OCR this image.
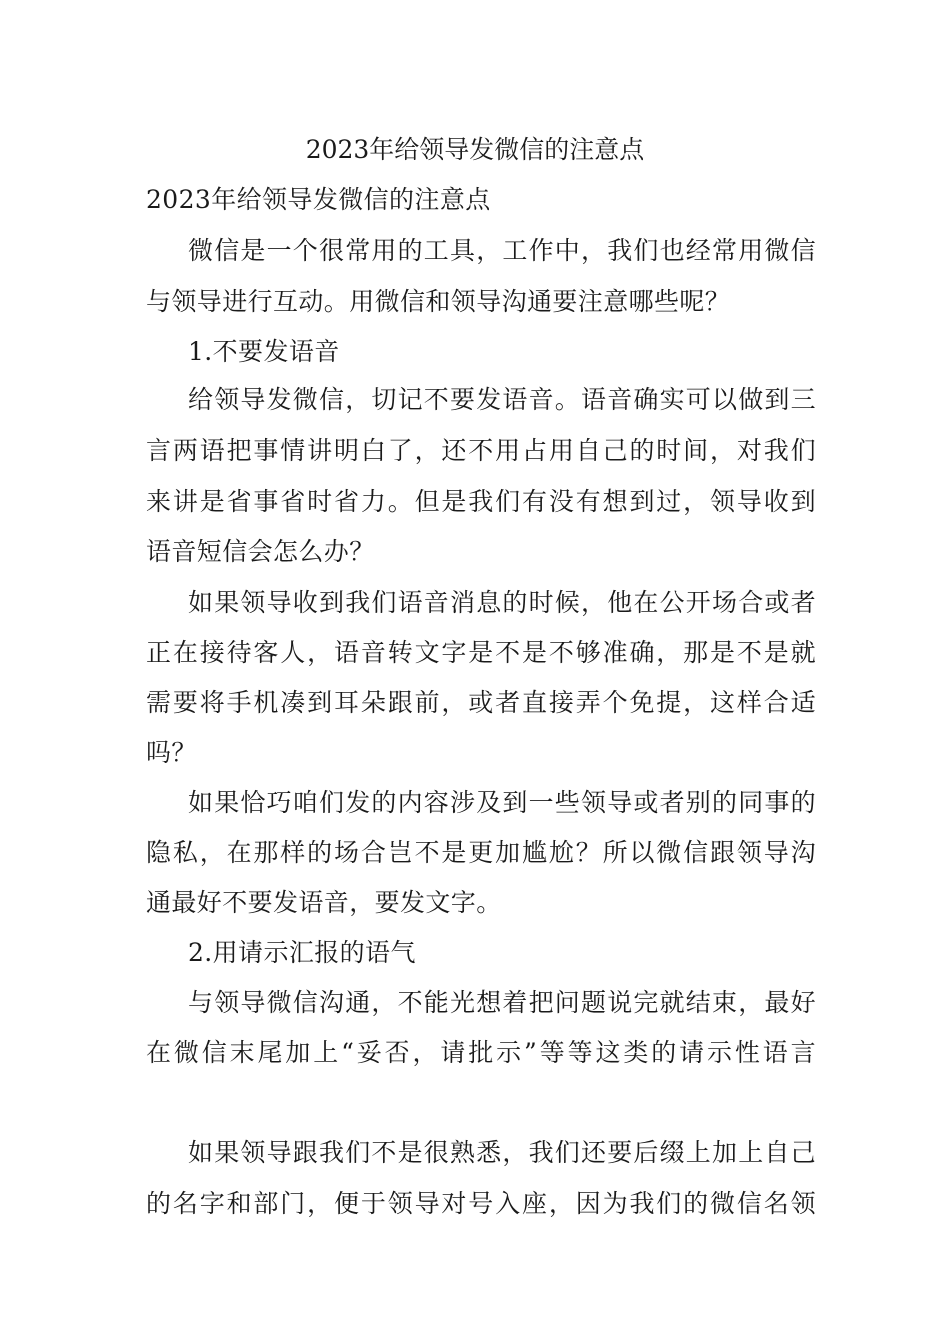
2023年给领导发微信的注意点
2023年给领导发微信的注意点
微信是一个很常用的工具，工作中，我们也经常用微信
与领导进行互动。用微信和领导沟通要注意哪些呢？
1.不要发语音
给领导发微信，切记不要发语音。语音确实可以做到三
言两语把事情讲明白了，还不用占用自己的时间，对我们
来讲是省事省时省力。但是我们有没有想到过，领导收到
语音短信会怎么办？
如果领导收到我们语音消息的时候，他在公开场合或者
正在接待客人，语音转文字是不是不够准确，那是不是就
需要将手机凑到耳朵跟前，或者直接弄个免提，这样合适
吗？
如果恰巧咱们发的内容涉及到一些领导或者别的同事的
隐私，在那样的场合岂不是更加尴尬？所以微信跟领导沟
通最好不要发语音，要发文字。
2.用请示汇报的语气
与领导微信沟通，不能光想着把问题说完就结束，最好
在微信末尾加上“妥否，请批示”等等这类的请示性语言
如果领导跟我们不是很熟悉，我们还要后缀上加上自己
的名字和部门，便于领导对号入座，因为我们的微信名领
